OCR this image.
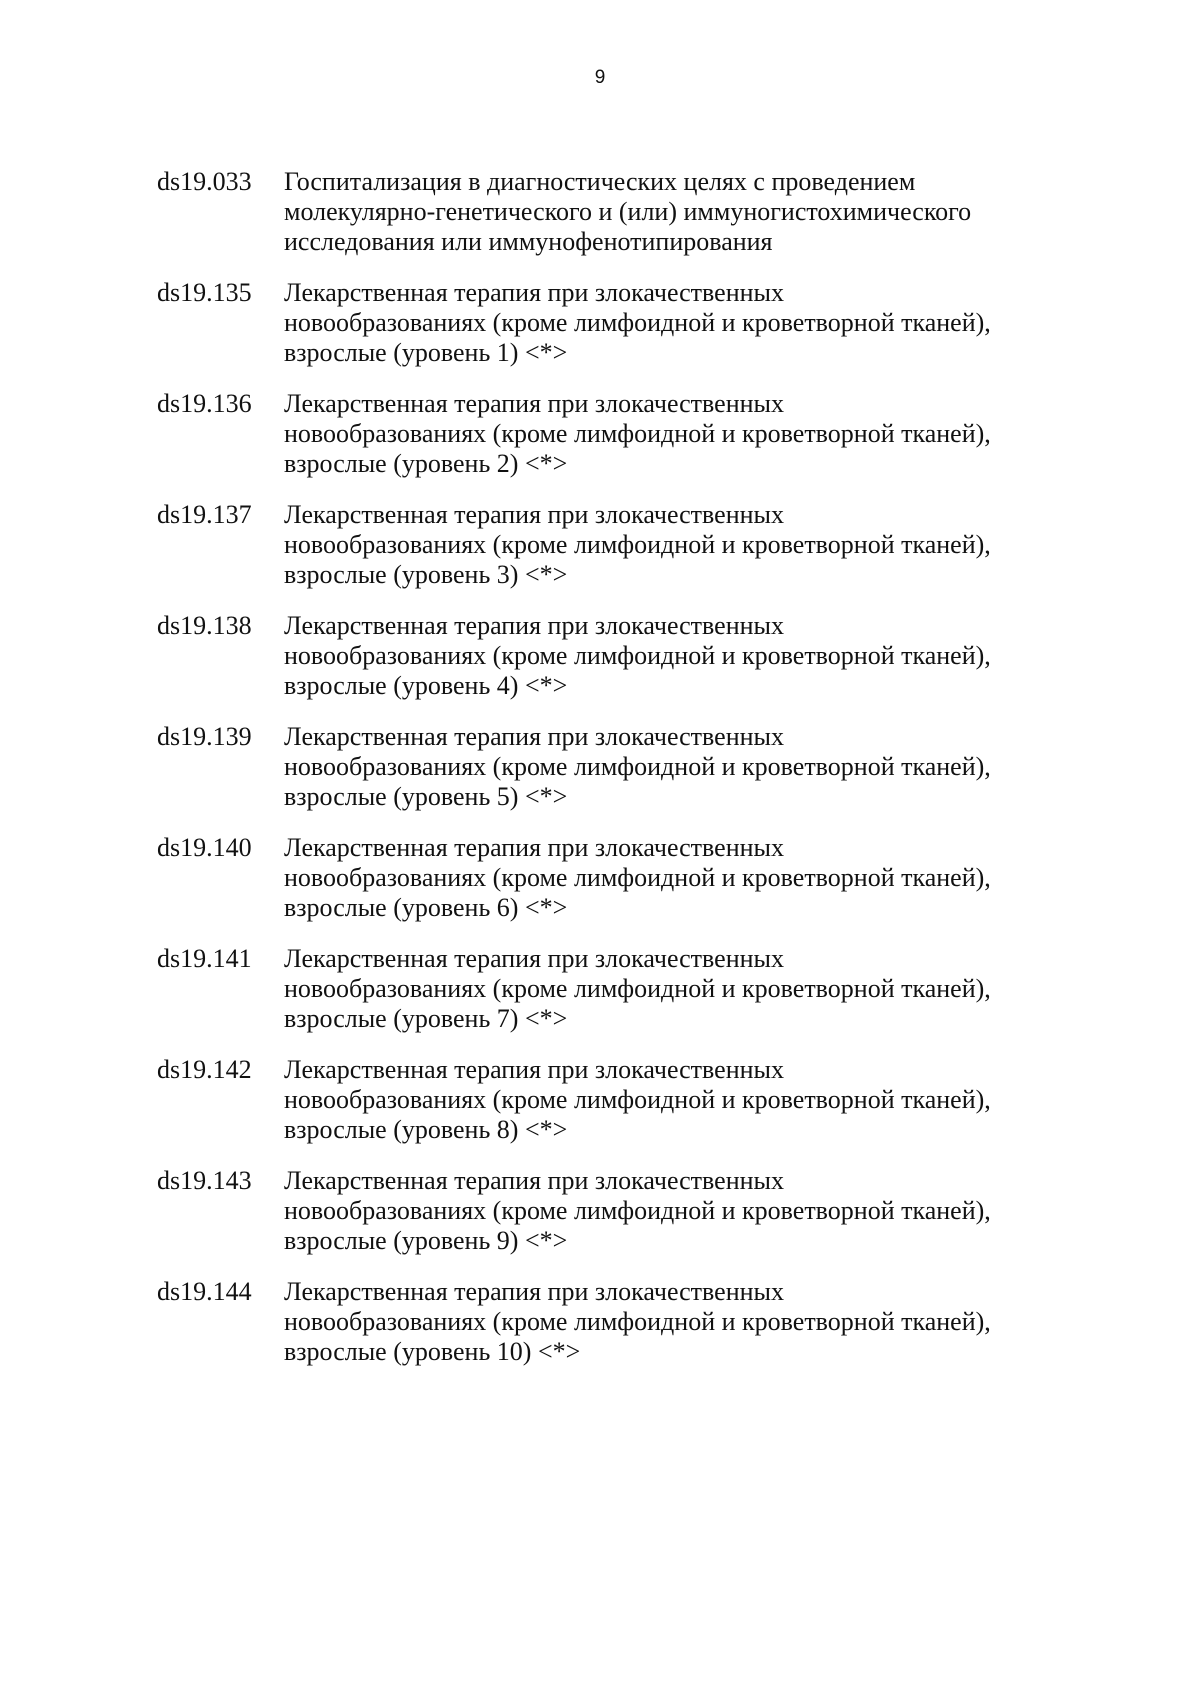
9
ds19.033	Госпитализация в диагностических целях с проведением
молекулярно-генетического и (или) иммуногистохимического
исследования или иммунофенотипирования
ds19.135	Лекарственная терапия при злокачественных
новообразованиях (кроме лимфоидной и кроветворной тканей),
взрослые (уровень 1) <*>
ds19.136	Лекарственная терапия при злокачественных
новообразованиях (кроме лимфоидной и кроветворной тканей),
взрослые (уровень 2) <*>
ds19.137	Лекарственная терапия при злокачественных
новообразованиях (кроме лимфоидной и кроветворной тканей),
взрослые (уровень 3) <*>
ds19.138	Лекарственная терапия при злокачественных
новообразованиях (кроме лимфоидной и кроветворной тканей),
взрослые (уровень 4) <*>
ds19.139	Лекарственная терапия при злокачественных
новообразованиях (кроме лимфоидной и кроветворной тканей),
взрослые (уровень 5) <*>
ds19.140	Лекарственная терапия при злокачественных
новообразованиях (кроме лимфоидной и кроветворной тканей),
взрослые (уровень 6) <*>
ds19.141	Лекарственная терапия при злокачественных
новообразованиях (кроме лимфоидной и кроветворной тканей),
взрослые (уровень 7) <*>
ds19.142	Лекарственная терапия при злокачественных
новообразованиях (кроме лимфоидной и кроветворной тканей),
взрослые (уровень 8) <*>
ds19.143	Лекарственная терапия при злокачественных
новообразованиях (кроме лимфоидной и кроветворной тканей),
взрослые (уровень 9) <*>
ds19.144	Лекарственная терапия при злокачественных
новообразованиях (кроме лимфоидной и кроветворной тканей),
взрослые (уровень 10) <*>
